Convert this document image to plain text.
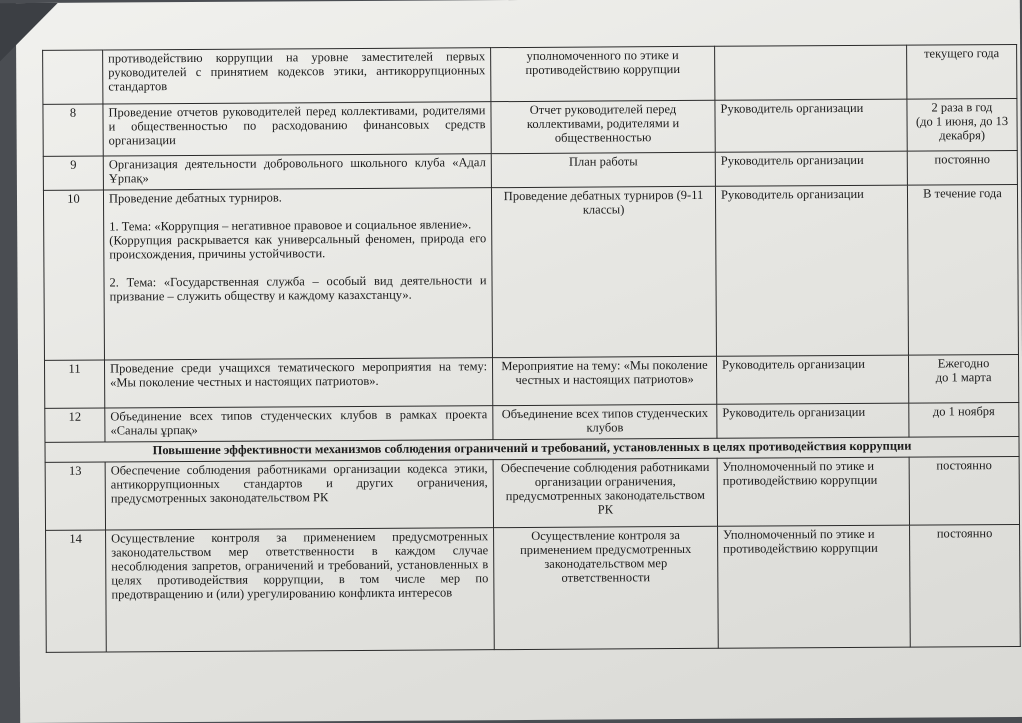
	противодействию коррупции на уровне заместителей первых руководителей с принятием кодексов этики, антикоррупционных стандартов	уполномоченного по этике и противодействию коррупции		текущего года
8	Проведение отчетов руководителей перед коллективами, родителями и общественностью по расходованию финансовых средств организации	Отчет руководителей перед коллективами, родителями и общественностью	Руководитель организации	2 раза в год
(до 1 июня, до 13 декабря)
9	Организация деятельности добровольного школьного клуба «Адал Ұрпақ»	План работы	Руководитель организации	постоянно
10	Проведение дебатных турниров.
1. Тема: «Коррупция – негативное правовое и социальное явление».
(Коррупция раскрывается как универсальный феномен, природа его происхождения, причины устойчивости.
2. Тема: «Государственная служба – особый вид деятельности и призвание – служить обществу и каждому казахстанцу».	Проведение дебатных турниров (9-11 классы)	Руководитель организации	В течение года
11	Проведение среди учащихся тематического мероприятия на тему: «Мы поколение честных и настоящих патриотов».	Мероприятие на тему: «Мы поколение честных и настоящих патриотов»	Руководитель организации	Ежегодно
до 1 марта
12	Объединение всех типов студенческих клубов в рамках проекта «Саналы ұрпақ»	Объединение всех типов студенческих клубов	Руководитель организации	до 1 ноября
Повышение эффективности механизмов соблюдения ограничений и требований, установленных в целях противодействия коррупции				
13	Обеспечение соблюдения работниками организации кодекса этики, антикоррупционных стандартов и других ограничения, предусмотренных законодательством РК	Обеспечение соблюдения работниками организации ограничения, предусмотренных законодательством РК	Уполномоченный по этике и противодействию коррупции	постоянно
14	Осуществление контроля за применением предусмотренных законодательством мер ответственности в каждом случае несоблюдения запретов, ограничений и требований, установленных в целях противодействия коррупции, в том числе мер по предотвращению и (или) урегулированию конфликта интересов	Осуществление контроля за применением предусмотренных законодательством мер ответственности	Уполномоченный по этике и противодействию коррупции	постоянно
